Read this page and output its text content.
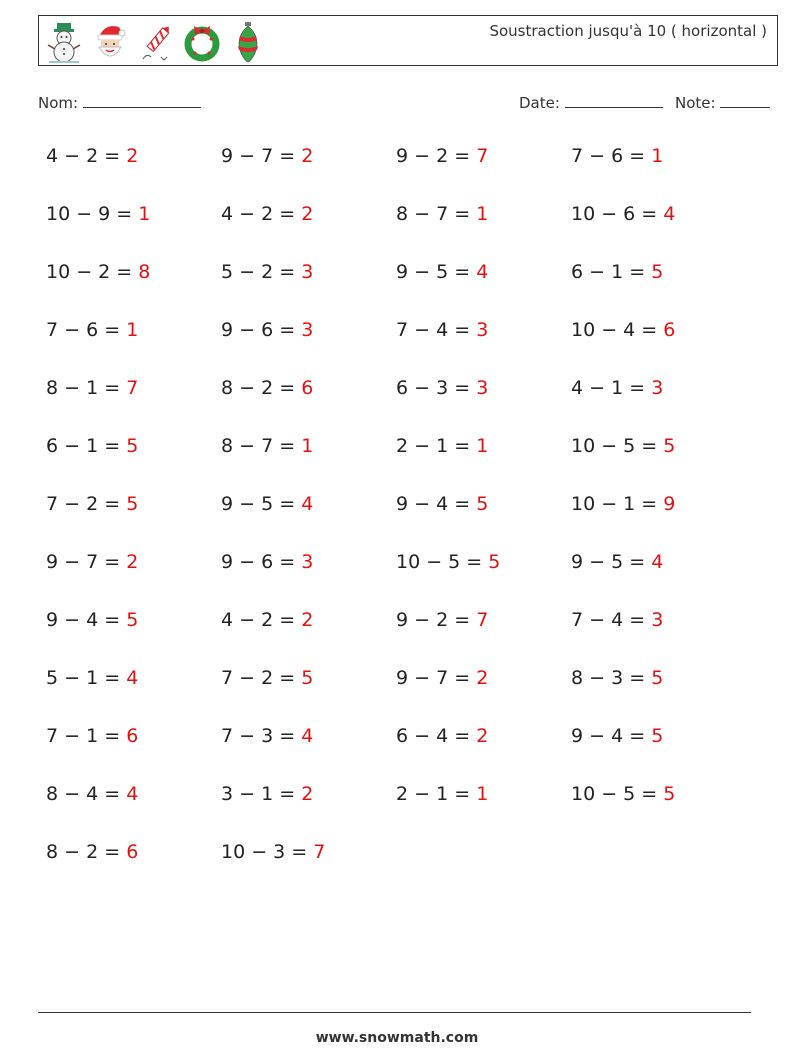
Soustraction jusqu'à 10 ( horizontal )
Nom:	Date:	Note:
4 − 2 = 2	9 − 7 = 2	9 − 2 = 7	7 − 6 = 1
10 − 9 = 1	4 − 2 = 2	8 − 7 = 1	10 − 6 = 4
10 − 2 = 8	5 − 2 = 3	9 − 5 = 4	6 − 1 = 5
7 − 6 = 1	9 − 6 = 3	7 − 4 = 3	10 − 4 = 6
8 − 1 = 7	8 − 2 = 6	6 − 3 = 3	4 − 1 = 3
6 − 1 = 5	8 − 7 = 1	2 − 1 = 1	10 − 5 = 5
7 − 2 = 5	9 − 5 = 4	9 − 4 = 5	10 − 1 = 9
9 − 7 = 2	9 − 6 = 3	10 − 5 = 5	9 − 5 = 4
9 − 4 = 5	4 − 2 = 2	9 − 2 = 7	7 − 4 = 3
5 − 1 = 4	7 − 2 = 5	9 − 7 = 2	8 − 3 = 5
7 − 1 = 6	7 − 3 = 4	6 − 4 = 2	9 − 4 = 5
8 − 4 = 4	3 − 1 = 2	2 − 1 = 1	10 − 5 = 5
8 − 2 = 6	10 − 3 = 7
www.snowmath.com
